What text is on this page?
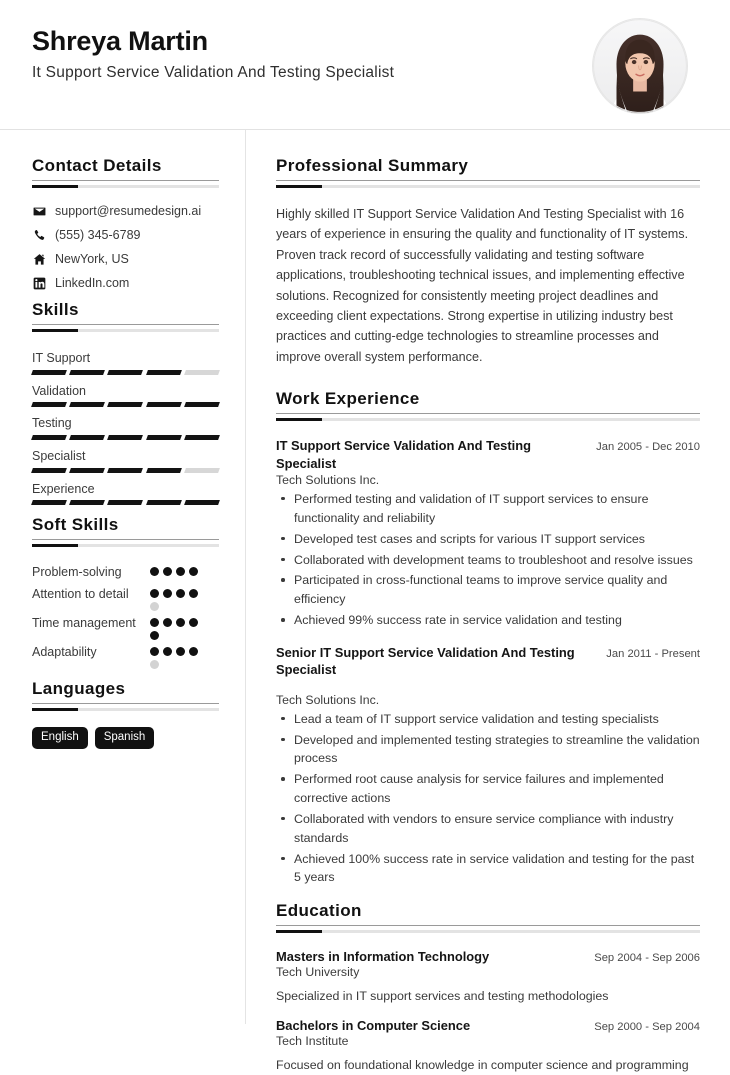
Shreya Martin
It Support Service Validation And Testing Specialist
Contact Details
support@resumedesign.ai
(555) 345-6789
NewYork, US
LinkedIn.com
Skills
IT Support
Validation
Testing
Specialist
Experience
Soft Skills
Problem-solving
Attention to detail
Time management
Adaptability
Languages
English	Spanish
Professional Summary

Highly skilled IT Support Service Validation And Testing Specialist with 16 years of experience in ensuring the quality and functionality of IT systems. Proven track record of successfully validating and testing software applications, troubleshooting technical issues, and implementing effective solutions. Recognized for consistently meeting project deadlines and exceeding client expectations. Strong expertise in utilizing industry best practices and cutting-edge technologies to streamline processes and improve overall system performance.

Work Experience
IT Support Service Validation And Testing Specialist
Jan 2005 - Dec 2010
Tech Solutions Inc.
Performed testing and validation of IT support services to ensure functionality and reliability
Developed test cases and scripts for various IT support services
Collaborated with development teams to troubleshoot and resolve issues
Participated in cross-functional teams to improve service quality and efficiency
Achieved 99% success rate in service validation and testing
Senior IT Support Service Validation And Testing Specialist
Jan 2011 - Present
Tech Solutions Inc.
Lead a team of IT support service validation and testing specialists
Developed and implemented testing strategies to streamline the validation process
Performed root cause analysis for service failures and implemented corrective actions
Collaborated with vendors to ensure service compliance with industry standards
Achieved 100% success rate in service validation and testing for the past 5 years
Education
Masters in Information Technology	Sep 2004 - Sep 2006
Tech University
Specialized in IT support services and testing methodologies
Bachelors in Computer Science	Sep 2000 - Sep 2004
Tech Institute
Focused on foundational knowledge in computer science and programming
